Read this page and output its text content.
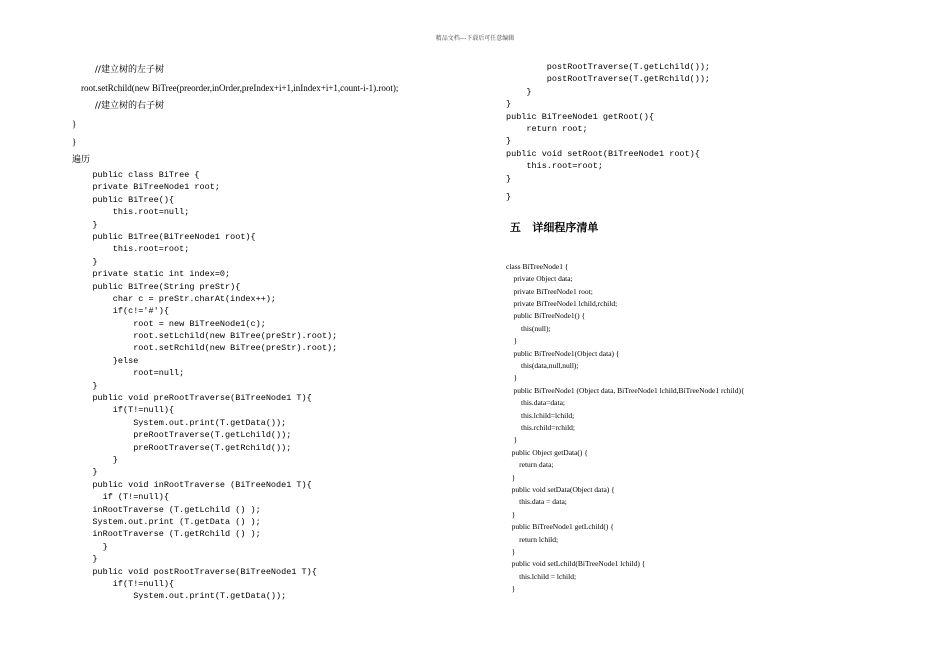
精品文档---下载后可任意编辑
//建立树的左子树
root.setRchild(new BiTree(preorder,inOrder,preIndex+i+1,inIndex+i+1,count-i-1).root);
//建立树的右子树
}
}
遍历
public class BiTree {
private BiTreeNode1 root;
public BiTree(){
this.root=null;
}
public BiTree(BiTreeNode1 root){
this.root=root;
}
private static int index=0;
public BiTree(String preStr){
char c = preStr.charAt(index++);
if(c!='#'){
root = new BiTreeNode1(c);
root.setLchild(new BiTree(preStr).root);
root.setRchild(new BiTree(preStr).root);
}else
root=null;
}
public void preRootTraverse(BiTreeNode1 T){
if(T!=null){
System.out.print(T.getData());
preRootTraverse(T.getLchild());
preRootTraverse(T.getRchild());
}
}
public void inRootTraverse (BiTreeNode1 T){
if (T!=null){
inRootTraverse (T.getLchild () );
System.out.print (T.getData () );
inRootTraverse (T.getRchild () );
}
}
public void postRootTraverse(BiTreeNode1 T){
if(T!=null){
System.out.print(T.getData());
postRootTraverse(T.getLchild());
postRootTraverse(T.getRchild());
}
}
public BiTreeNode1 getRoot(){
return root;
}
public void setRoot(BiTreeNode1 root){
this.root=root;
}
}
五   详细程序清单
class BiTreeNode1 {
private Object data;
private BiTreeNode1 root;
private BiTreeNode1 lchild,rchild;
public BiTreeNode1() {
this(null);
}
public BiTreeNode1(Object data) {
this(data,null,null);
}
public BiTreeNode1 (Object data, BiTreeNode1 lchild,BiTreeNode1 rchild){
this.data=data;
this.lchild=lchild;
this.rchild=rchild;
}
public Object getData() {
return data;
}
public void setData(Object data) {
this.data = data;
}
public BiTreeNode1 getLchild() {
return lchild;
}
public void setLchild(BiTreeNode1 lchild) {
this.lchild = lchild;
}
